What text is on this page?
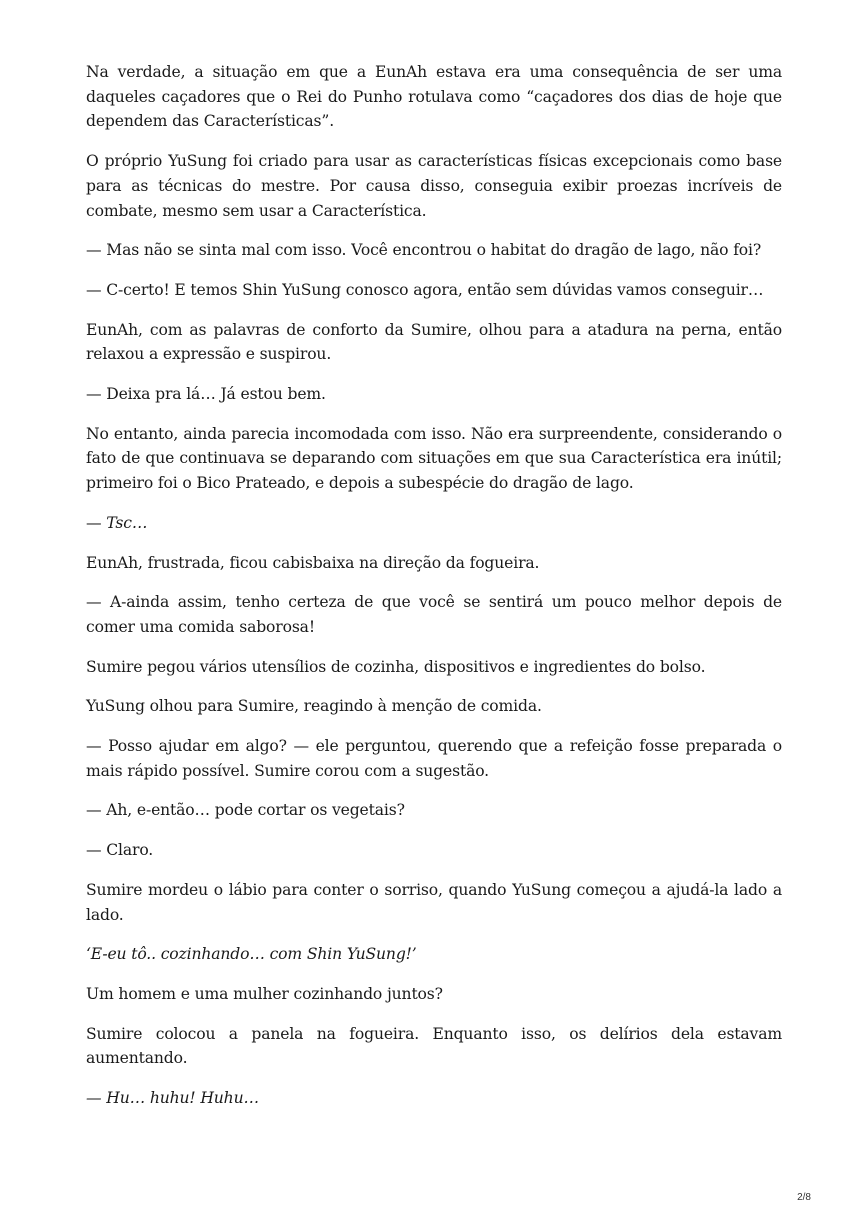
Na verdade, a situação em que a EunAh estava era uma consequência de ser uma daqueles caçadores que o Rei do Punho rotulava como “caçadores dos dias de hoje que dependem das Características”.

O próprio YuSung foi criado para usar as características físicas excepcionais como base para as técnicas do mestre. Por causa disso, conseguia exibir proezas incríveis de combate, mesmo sem usar a Característica.

— Mas não se sinta mal com isso. Você encontrou o habitat do dragão de lago, não foi?

— C-certo! E temos Shin YuSung conosco agora, então sem dúvidas vamos conseguir…

EunAh, com as palavras de conforto da Sumire, olhou para a atadura na perna, então relaxou a expressão e suspirou.

— Deixa pra lá… Já estou bem.

No entanto, ainda parecia incomodada com isso. Não era surpreendente, considerando o fato de que continuava se deparando com situações em que sua Característica era inútil; primeiro foi o Bico Prateado, e depois a subespécie do dragão de lago.

— Tsc…

EunAh, frustrada, ficou cabisbaixa na direção da fogueira.

— A-ainda assim, tenho certeza de que você se sentirá um pouco melhor depois de comer uma comida saborosa!

Sumire pegou vários utensílios de cozinha, dispositivos e ingredientes do bolso.

YuSung olhou para Sumire, reagindo à menção de comida.

— Posso ajudar em algo? — ele perguntou, querendo que a refeição fosse preparada o mais rápido possível. Sumire corou com a sugestão.

— Ah, e-então… pode cortar os vegetais?

— Claro.

Sumire mordeu o lábio para conter o sorriso, quando YuSung começou a ajudá-la lado a lado.

‘E-eu tô.. cozinhando… com Shin YuSung!’

Um homem e uma mulher cozinhando juntos?

Sumire colocou a panela na fogueira. Enquanto isso, os delírios dela estavam aumentando.

— Hu… huhu! Huhu…

2/8
